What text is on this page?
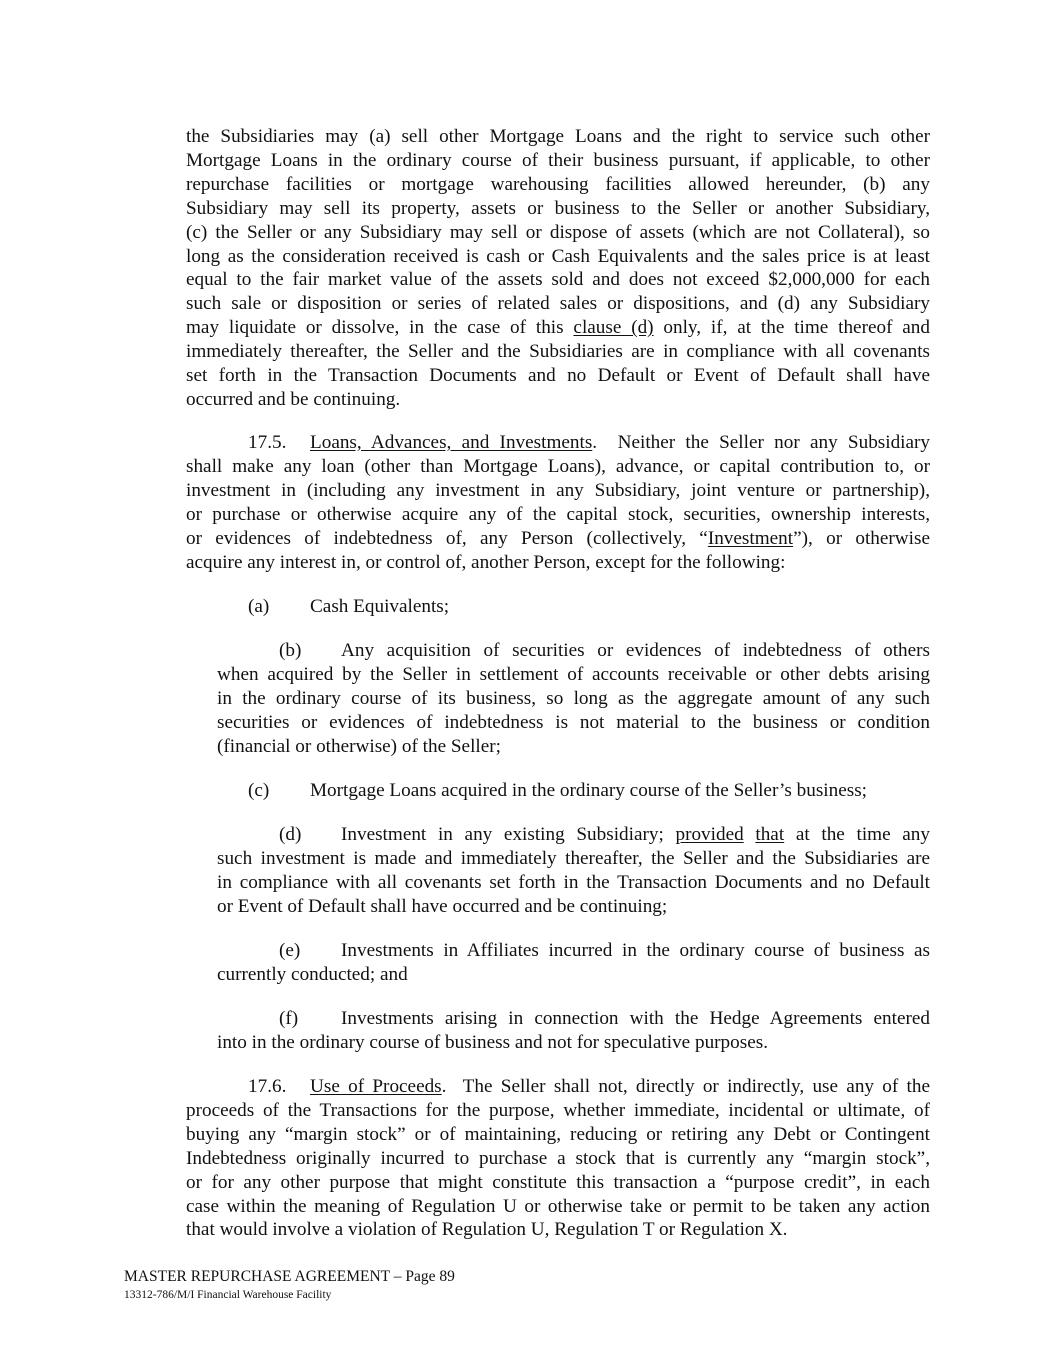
the Subsidiaries may (a) sell other Mortgage Loans and the right to service such other
Mortgage Loans in the ordinary course of their business pursuant, if applicable, to other
repurchase facilities or mortgage warehousing facilities allowed hereunder, (b) any
Subsidiary may sell its property, assets or business to the Seller or another Subsidiary,
(c) the Seller or any Subsidiary may sell or dispose of assets (which are not Collateral), so
long as the consideration received is cash or Cash Equivalents and the sales price is at least
equal to the fair market value of the assets sold and does not exceed $2,000,000 for each
such sale or disposition or series of related sales or dispositions, and (d) any Subsidiary
may liquidate or dissolve, in the case of this clause (d) only, if, at the time thereof and
immediately thereafter, the Seller and the Subsidiaries are in compliance with all covenants
set forth in the Transaction Documents and no Default or Event of Default shall have
occurred and be continuing.

17.5. Loans, Advances, and Investments.  Neither the Seller nor any Subsidiary
shall make any loan (other than Mortgage Loans), advance, or capital contribution to, or
investment in (including any investment in any Subsidiary, joint venture or partnership),
or purchase or otherwise acquire any of the capital stock, securities, ownership interests,
or evidences of indebtedness of, any Person (collectively, “Investment”), or otherwise
acquire any interest in, or control of, another Person, except for the following:

(a) Cash Equivalents;

(b) Any acquisition of securities or evidences of indebtedness of others
when acquired by the Seller in settlement of accounts receivable or other debts arising
in the ordinary course of its business, so long as the aggregate amount of any such
securities or evidences of indebtedness is not material to the business or condition
(financial or otherwise) of the Seller;

(c) Mortgage Loans acquired in the ordinary course of the Seller’s business;

(d) Investment in any existing Subsidiary; provided that at the time any
such investment is made and immediately thereafter, the Seller and the Subsidiaries are
in compliance with all covenants set forth in the Transaction Documents and no Default
or Event of Default shall have occurred and be continuing;

(e) Investments in Affiliates incurred in the ordinary course of business as
currently conducted; and

(f) Investments arising in connection with the Hedge Agreements entered
into in the ordinary course of business and not for speculative purposes.

17.6. Use of Proceeds.  The Seller shall not, directly or indirectly, use any of the
proceeds of the Transactions for the purpose, whether immediate, incidental or ultimate, of
buying any “margin stock” or of maintaining, reducing or retiring any Debt or Contingent
Indebtedness originally incurred to purchase a stock that is currently any “margin stock”,
or for any other purpose that might constitute this transaction a “purpose credit”, in each
case within the meaning of Regulation U or otherwise take or permit to be taken any action
that would involve a violation of Regulation U, Regulation T or Regulation X.

MASTER REPURCHASE AGREEMENT – Page 89
13312-786/M/I Financial Warehouse Facility
